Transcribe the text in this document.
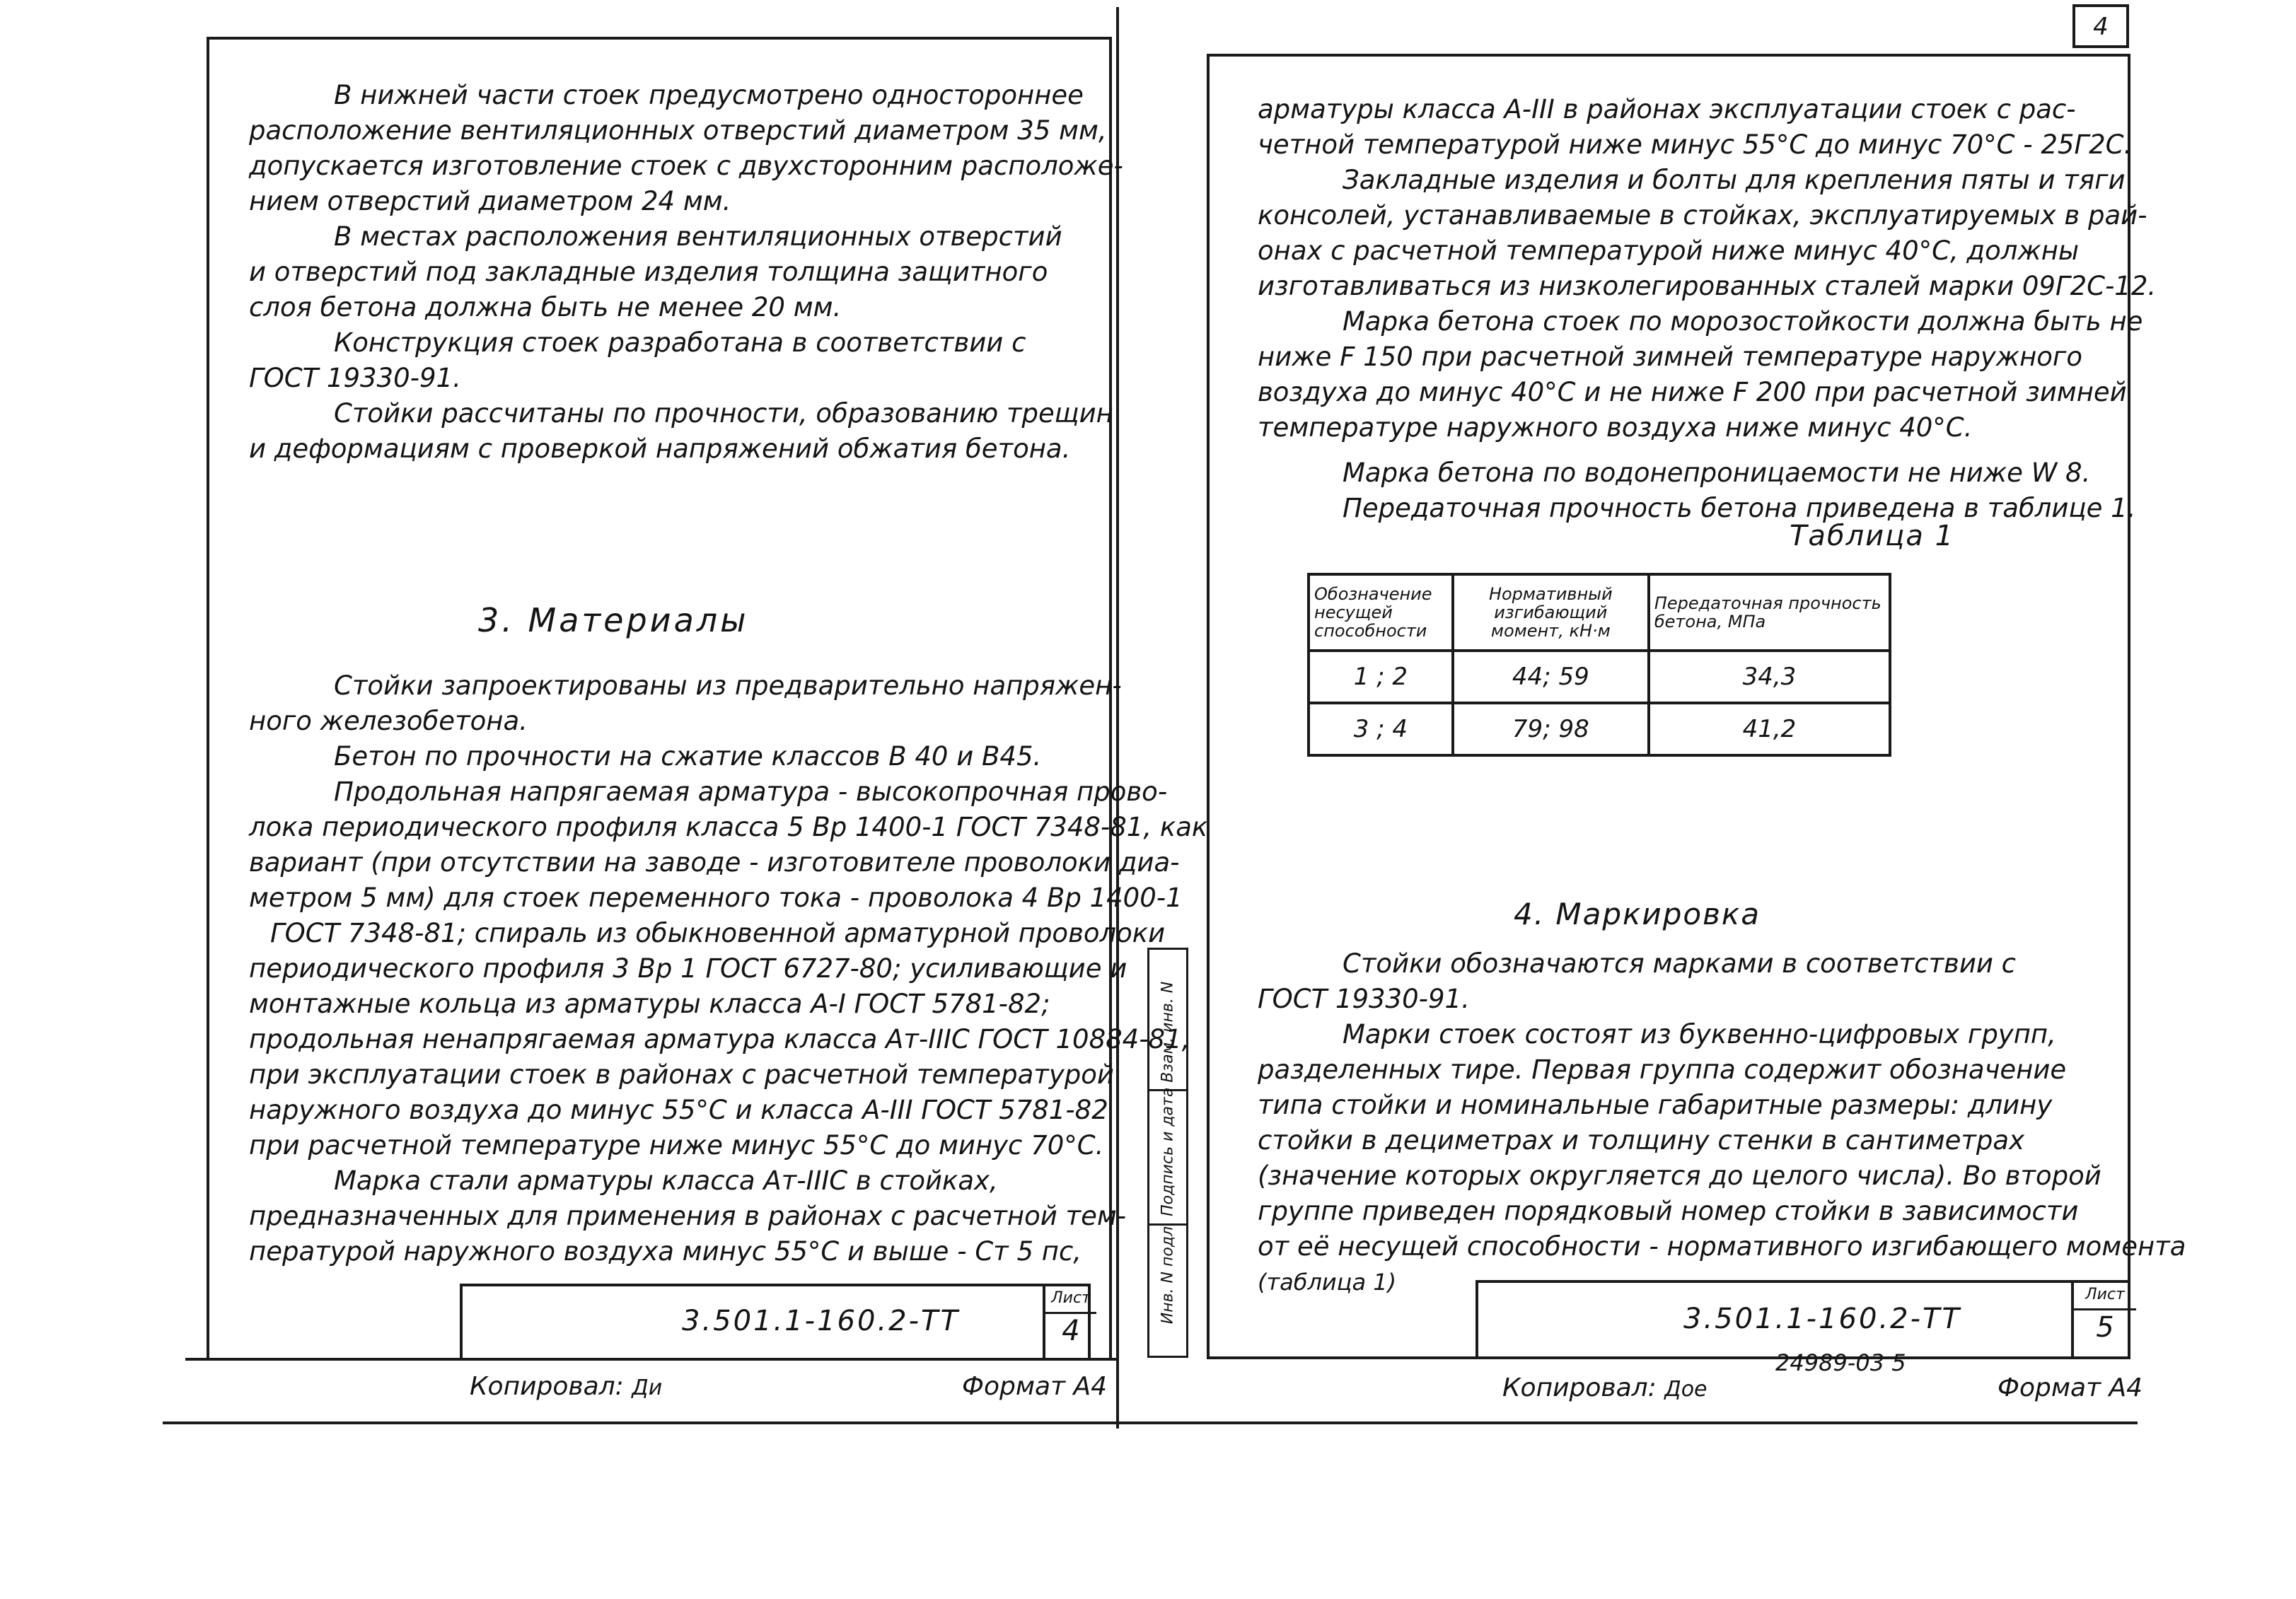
4

В нижней части стоек предусмотрено одностороннее

расположение вентиляционных отверстий диаметром 35 мм,

допускается изготовление стоек с двухсторонним расположе-

нием отверстий диаметром 24 мм.

В местах расположения вентиляционных отверстий

и отверстий под закладные изделия толщина защитного

слоя бетона должна быть не менее 20 мм.

Конструкция стоек разработана в соответствии с

ГОСТ 19330-91.

Стойки рассчитаны по прочности, образованию трещин

и деформациям с проверкой напряжений обжатия бетона.

3. Материалы

Стойки запроектированы из предварительно напряжен-

ного железобетона.

Бетон по прочности на сжатие классов В 40 и В45.

Продольная напрягаемая арматура - высокопрочная прово-

лока периодического профиля класса 5 Вр 1400-1 ГОСТ 7348-81, как

вариант (при отсутствии на заводе - изготовителе проволоки диа-

метром 5 мм) для стоек переменного тока - проволока 4 Вр 1400-1

ГОСТ 7348-81; спираль из обыкновенной арматурной проволоки

периодического профиля 3 Вр 1 ГОСТ 6727-80; усиливающие и

монтажные кольца из арматуры класса А-I ГОСТ 5781-82;

продольная ненапрягаемая арматура класса Ат-IIIС ГОСТ 10884-81,

при эксплуатации стоек в районах с расчетной температурой

наружного воздуха до минус 55°С и класса А-III ГОСТ 5781-82

при расчетной температуре ниже минус 55°С до минус 70°С.

Марка стали арматуры класса Ат-IIIС в стойках,

предназначенных для применения в районах с расчетной тем-

пературой наружного воздуха минус 55°С и выше - Ст 5 пс,

3.501.1-160.2-ТТ
Лист
4
Копировал: Ди	Формат А4

арматуры класса А-III в районах эксплуатации стоек с рас-

четной температурой ниже минус 55°С до минус 70°С - 25Г2С.

Закладные изделия и болты для крепления пяты и тяги

консолей, устанавливаемые в стойках, эксплуатируемых в рай-

онах с расчетной температурой ниже минус 40°С, должны

изготавливаться из низколегированных сталей марки 09Г2С-12.

Марка бетона стоек по морозостойкости должна быть не

ниже F 150 при расчетной зимней температуре наружного

воздуха до минус 40°С и не ниже F 200 при расчетной зимней

температуре наружного воздуха ниже минус 40°С.

Марка бетона по водонепроницаемости не ниже W 8.

Передаточная прочность бетона приведена в таблице 1.

Таблица 1
Обозначение несущей способности	Нормативный изгибающий момент, кН·м	Передаточная прочность бетона, МПа
1 ; 2	44; 59	34,3
3 ; 4	79; 98	41,2
4. Маркировка

Стойки обозначаются марками в соответствии с

ГОСТ 19330-91.

Марки стоек состоят из буквенно-цифровых групп,

разделенных тире. Первая группа содержит обозначение

типа стойки и номинальные габаритные размеры: длину

стойки в дециметрах и толщину стенки в сантиметрах

(значение которых округляется до целого числа). Во второй

группе приведен порядковый номер стойки в зависимости

от её несущей способности - нормативного изгибающего момента

(таблица 1)

Инв. N подл. Подпись и дата Взам. инв. N	3.501.1-160.2-ТТ
Лист
5
24989-03 5
Копировал: Дое	Формат А4
